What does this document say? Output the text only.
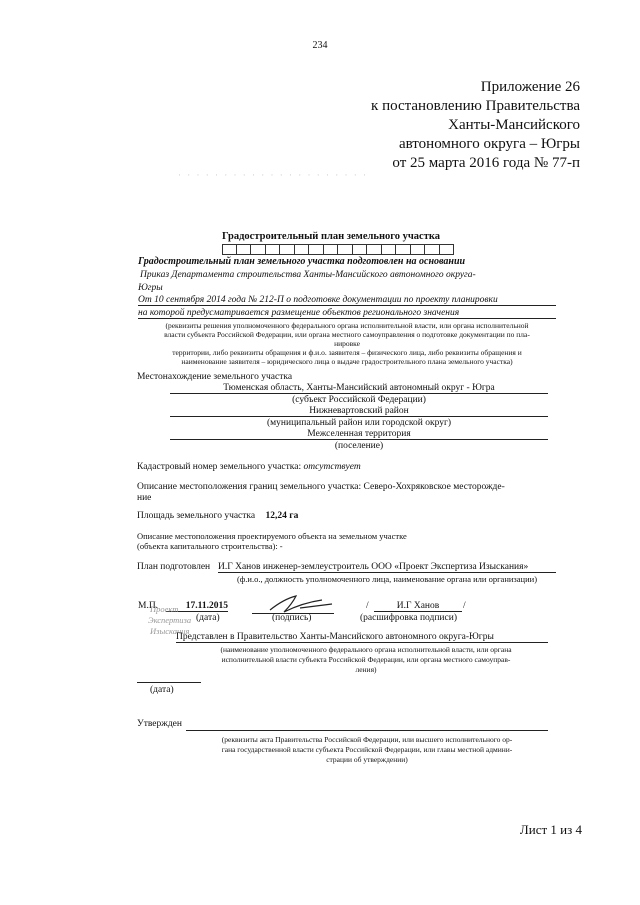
234
Приложение 26
к постановлению Правительства
Ханты-Мансийского
автономного округа – Югры
от 25 марта 2016 года № 77-п
· · · · · · · · · · · · · · · · · · · · ·
Градостроительный план земельного участка
Градостроительный план земельного участка подготовлен на основании
Приказ Департамента строительства Ханты-Мансийского автономного округа-
Югры
От 10 сентября 2014 года № 212-П о подготовке документации по проекту планировки
на которой предусматривается размещение объектов регионального значения
(реквизиты решения уполномоченного федерального органа исполнительной власти, или органа исполнительной
власти субъекта Российской Федерации, или органа местного самоуправления о подготовке документации по пла-
нировке
территории, либо реквизиты обращения и ф.и.о. заявителя – физического лица, либо реквизиты обращения и
наименование заявителя – юридического лица о выдаче градостроительного плана земельного участка)
Местонахождение земельного участка
Тюменская область, Ханты-Мансийский автономный округ - Югра
(субъект Российской Федерации)
Нижневартовский район
(муниципальный район или городской округ)
Межселенная территория
(поселение)
Кадастровый номер земельного участка: отсутствует
Описание местоположения границ земельного участка: Северо-Хохряковское месторожде-
ние
Площадь земельного участка 12,24 га
Описание местоположения проектируемого объекта на земельном участке
(объекта капитального строительства): -
План подготовлен И.Г Ханов инженер-землеустроитель ООО «Проект Экспертиза Изыскания»
(ф.и.о., должность уполномоченного лица, наименование органа или организации)
М.П.	17.11.2015	/	И.Г Ханов	/
(дата)	(подпись)	(расшифровка подписи)
Проект
Экспертиза
Изыскания
Представлен в Правительство Ханты-Мансийского автономного округа-Югры
(наименование уполномоченного федерального органа исполнительной власти, или органа
исполнительной власти субъекта Российской Федерации, или органа местного самоуправ-
ления)
(дата)
Утвержден
(реквизиты акта Правительства Российской Федерации, или высшего исполнительного ор-
гана государственной власти субъекта Российской Федерации, или главы местной админи-
страции об утверждении)
Лист 1 из 4
